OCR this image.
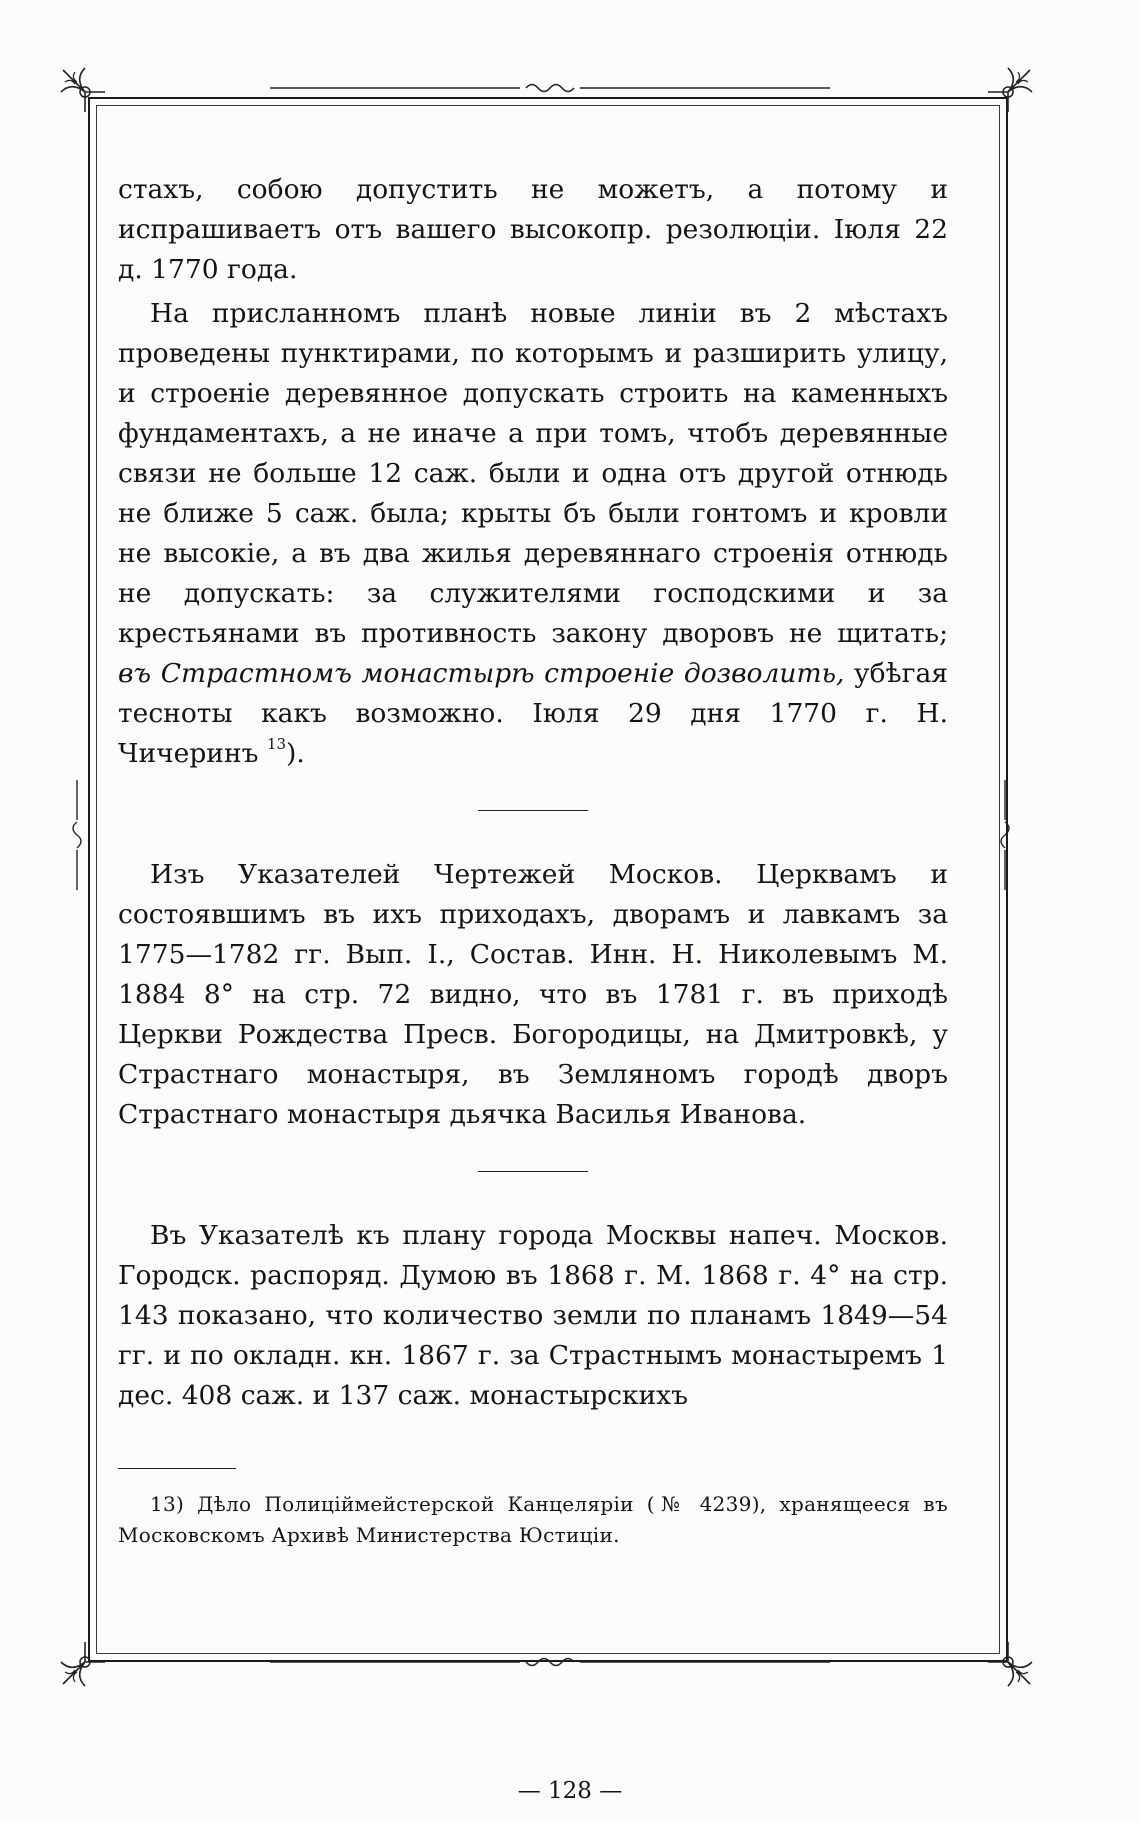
стахъ, собою допустить не можетъ, а потому и испрашиваетъ отъ вашего высокопр. резолюціи. Іюля 22 д. 1770 года.

На присланномъ планѣ новые линіи въ 2 мѣстахъ проведены пунктирами, по которымъ и разширить улицу, и строеніе деревянное допускать строить на каменныхъ фундаментахъ, а не иначе а при томъ, чтобъ деревянные связи не больше 12 саж. были и одна отъ другой отнюдь не ближе 5 саж. была; крыты бъ были гонтомъ и кровли не высокіе, а въ два жилья деревяннаго строенія отнюдь не допускать: за служителями господскими и за крестьянами въ противность закону дворовъ не щитать; въ Страстномъ монастырѣ строеніе дозволить, убѣгая тесноты какъ возможно. Іюля 29 дня 1770 г. Н. Чичеринъ $^{13}$).

Изъ Указателей Чертежей Москов. Церквамъ и состоявшимъ въ ихъ приходахъ, дворамъ и лавкамъ за 1775—1782 гг. Вып. I., Состав. Инн. Н. Николевымъ М. 1884 8° на стр. 72 видно, что въ 1781 г. въ приходѣ Церкви Рождества Пресв. Богородицы, на Дмитровкѣ, у Страстнаго монастыря, въ Земляномъ городѣ дворъ Страстнаго монастыря дьячка Василья Иванова.

Въ Указателѣ къ плану города Москвы напеч. Москов. Городск. распоряд. Думою въ 1868 г. М. 1868 г. 4° на стр. 143 показано, что количество земли по планамъ 1849—54 гг. и по окладн. кн. 1867 г. за Страстнымъ монастыремъ 1 дес. 408 саж. и 137 саж. монастырскихъ

13) Дѣло Полиціймейстерской Канцеляріи (№ 4239), хранящееся въ Московскомъ Архивѣ Министерства Юстиціи.

— 128 —
